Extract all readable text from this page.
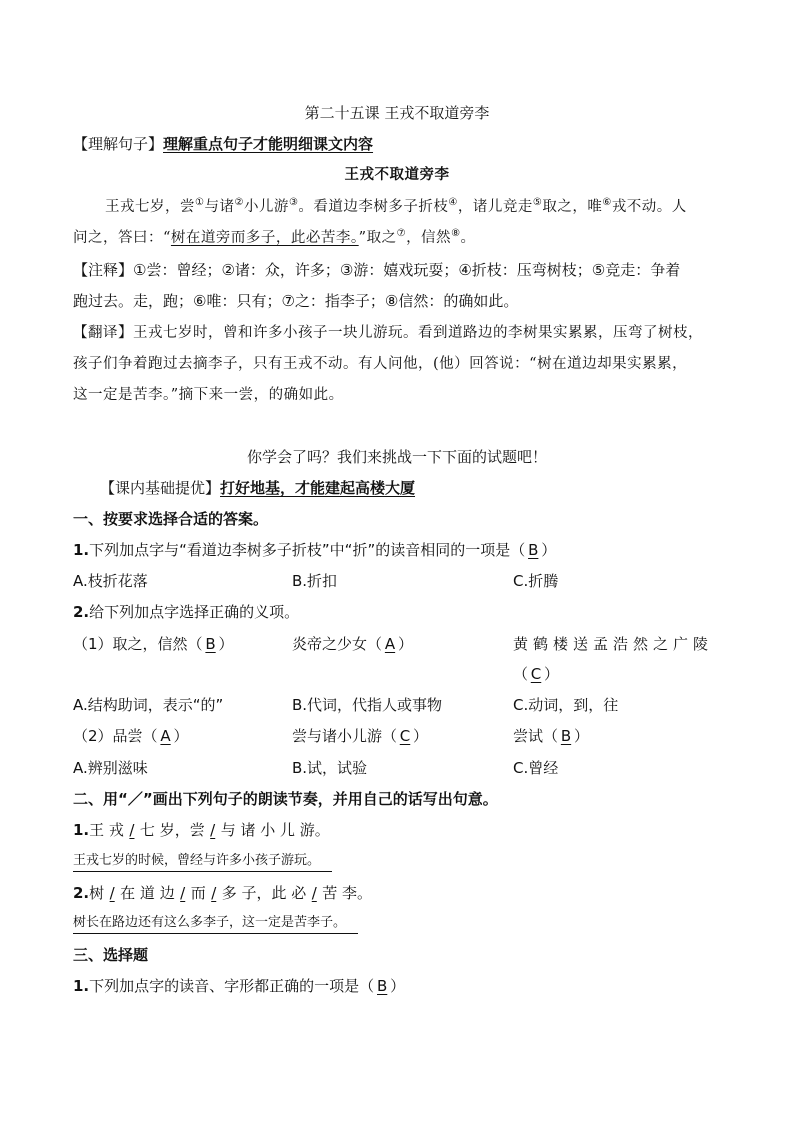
第二十五课 王戎不取道旁李
【理解句子】理解重点句子才能明细课文内容
王戎不取道旁李
王戎七岁，尝①与诸②小儿游③。看道边李树多子折枝④，诸儿竞走⑤取之，唯⑥戎不动。人
问之，答曰：“树在道旁而多子，此必苦李。”取之⑦，信然⑧。
【注释】①尝：曾经；②诸：众，许多；③游：嬉戏玩耍；④折枝：压弯树枝；⑤竞走：争着
跑过去。走，跑；⑥唯：只有；⑦之：指李子；⑧信然：的确如此。
【翻译】王戎七岁时，曾和许多小孩子一块儿游玩。看到道路边的李树果实累累，压弯了树枝，
孩子们争着跑过去摘李子，只有王戎不动。有人问他，(他）回答说：“树在道边却果实累累，
这一定是苦李。”摘下来一尝，的确如此。
你学会了吗？我们来挑战一下下面的试题吧！
【课内基础提优】打好地基，才能建起高楼大厦
一、按要求选择合适的答案。
1.下列加点字与“看道边李树多子折枝”中“折”的读音相同的一项是（ B ）
A.枝折花落	B.折扣	C.折腾
2.给下列加点字选择正确的义项。
（1）取之，信然（ B ）	炎帝之少女（ A ）	黄鹤楼送孟浩然之广陵
（ C ）
A.结构助词，表示“的”	B.代词，代指人或事物	C.动词，到，往
（2）品尝（ A ）	尝与诸小儿游（ C ）	尝试（ B ）
A.辨别滋味	B.试，试验	C.曾经
二、用“／”画出下列句子的朗读节奏，并用自己的话写出句意。
1.王 戎 / 七 岁，尝 / 与 诸 小 儿 游。
王戎七岁的时候，曾经与许多小孩子游玩。
2.树 / 在 道 边 / 而 / 多 子，此 必 / 苦 李。
树长在路边还有这么多李子，这一定是苦李子。
三、选择题
1.下列加点字的读音、字形都正确的一项是（ B ）
